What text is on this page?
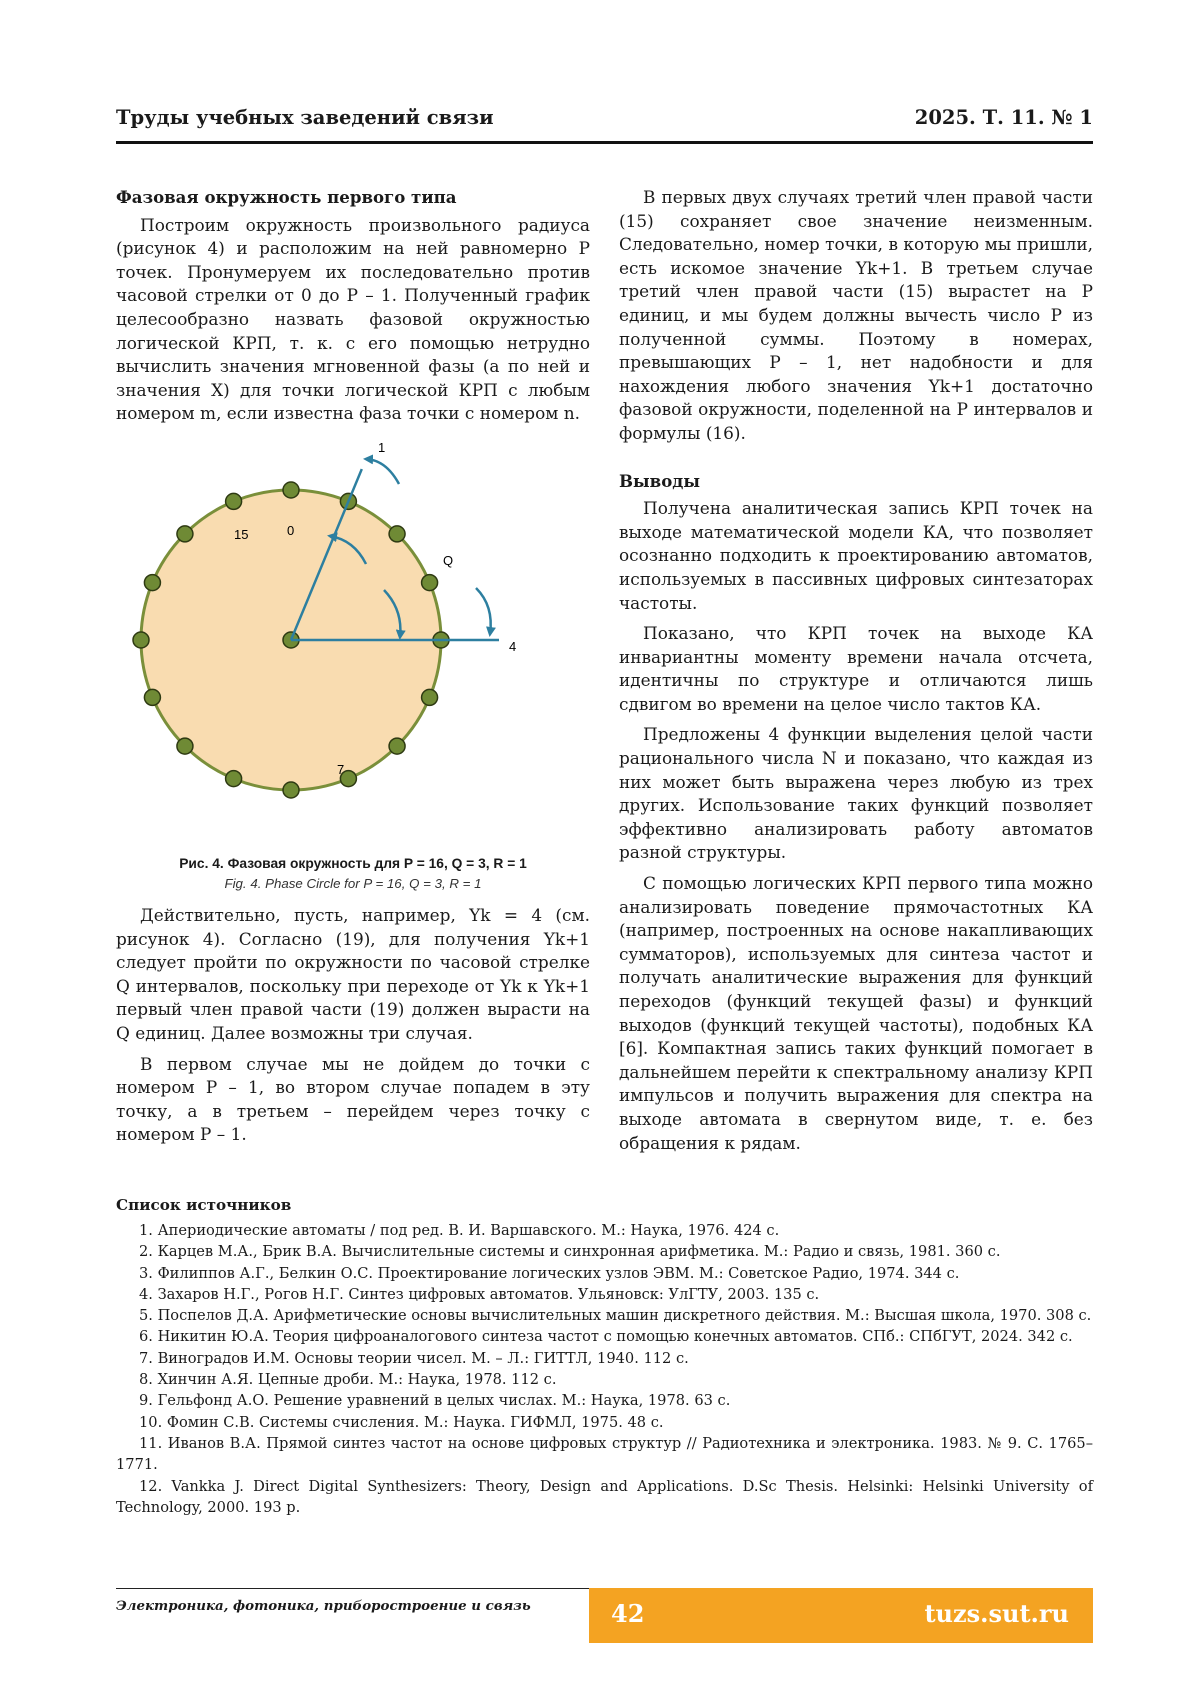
Труды учебных заведений связи	2025. Т. 11. № 1
Фазовая окружность первого типа

Построим окружность произвольного радиуса (рисунок 4) и расположим на ней равномерно P точек. Пронумеруем их последовательно против часовой стрелки от 0 до P – 1. Полученный график целесообразно назвать фазовой окружностью логической КРП, т. к. с его помощью нетрудно вычислить значения мгновенной фазы (а по ней и значения X) для точки логической КРП с любым номером m, если известна фаза точки с номером n.

1
0
15
Q
4
7
Рис. 4. Фазовая окружность для P = 16, Q = 3, R = 1
Fig. 4. Phase Circle for P = 16, Q = 3, R = 1

Действительно, пусть, например, Yk = 4 (см. рисунок 4). Согласно (19), для получения Yk+1 следует пройти по окружности по часовой стрелке Q интервалов, поскольку при переходе от Yk к Yk+1 первый член правой части (19) должен вырасти на Q единиц. Далее возможны три случая.

В первом случае мы не дойдем до точки с номером P – 1, во втором случае попадем в эту точку, а в третьем – перейдем через точку с номером P – 1.

В первых двух случаях третий член правой части (15) сохраняет свое значение неизменным. Следовательно, номер точки, в которую мы пришли, есть искомое значение Yk+1. В третьем случае третий член правой части (15) вырастет на P единиц, и мы будем должны вычесть число P из полученной суммы. Поэтому в номерах, превышающих P – 1, нет надобности и для нахождения любого значения Yk+1 достаточно фазовой окружности, поделенной на P интервалов и формулы (16).

Выводы

Получена аналитическая запись КРП точек на выходе математической модели КА, что позволяет осознанно подходить к проектированию автоматов, используемых в пассивных цифровых синтезаторах частоты.

Показано, что КРП точек на выходе КА инвариантны моменту времени начала отсчета, идентичны по структуре и отличаются лишь сдвигом во времени на целое число тактов КА.

Предложены 4 функции выделения целой части рационального числа N и показано, что каждая из них может быть выражена через любую из трех других. Использование таких функций позволяет эффективно анализировать работу автоматов разной структуры.

С помощью логических КРП первого типа можно анализировать поведение прямочастотных КА (например, построенных на основе накапливающих сумматоров), используемых для синтеза частот и получать аналитические выражения для функций переходов (функций текущей фазы) и функций выходов (функций текущей частоты), подобных КА [6]. Компактная запись таких функций помогает в дальнейшем перейти к спектральному анализу КРП импульсов и получить выражения для спектра на выходе автомата в свернутом виде, т. е. без обращения к рядам.

Список источников
1. Апериодические автоматы / под ред. В. И. Варшавского. М.: Наука, 1976. 424 с.
2. Карцев М.А., Брик В.А. Вычислительные системы и синхронная арифметика. М.: Радио и связь, 1981. 360 с.
3. Филиппов А.Г., Белкин О.С. Проектирование логических узлов ЭВМ. М.: Советское Радио, 1974. 344 с.
4. Захаров Н.Г., Рогов Н.Г. Синтез цифровых автоматов. Ульяновск: УлГТУ, 2003. 135 с.
5. Поспелов Д.А. Арифметические основы вычислительных машин дискретного действия. М.: Высшая школа, 1970. 308 с.
6. Никитин Ю.А. Теория цифроаналогового синтеза частот с помощью конечных автоматов. СПб.: СПбГУТ, 2024. 342 с.
7. Виноградов И.М. Основы теории чисел. М. – Л.: ГИТТЛ, 1940. 112 с.
8. Хинчин А.Я. Цепные дроби. М.: Наука, 1978. 112 с.
9. Гельфонд А.О. Решение уравнений в целых числах. М.: Наука, 1978. 63 с.
10. Фомин С.В. Системы счисления. М.: Наука. ГИФМЛ, 1975. 48 с.
11. Иванов В.А. Прямой синтез частот на основе цифровых структур // Радиотехника и электроника. 1983. № 9. С. 1765–1771.
12. Vankka J. Direct Digital Synthesizers: Theory, Design and Applications. D.Sc Thesis. Helsinki: Helsinki University of Technology, 2000. 193 p.
Электроника, фотоника, приборостроение и связь	42	tuzs.sut.ru
